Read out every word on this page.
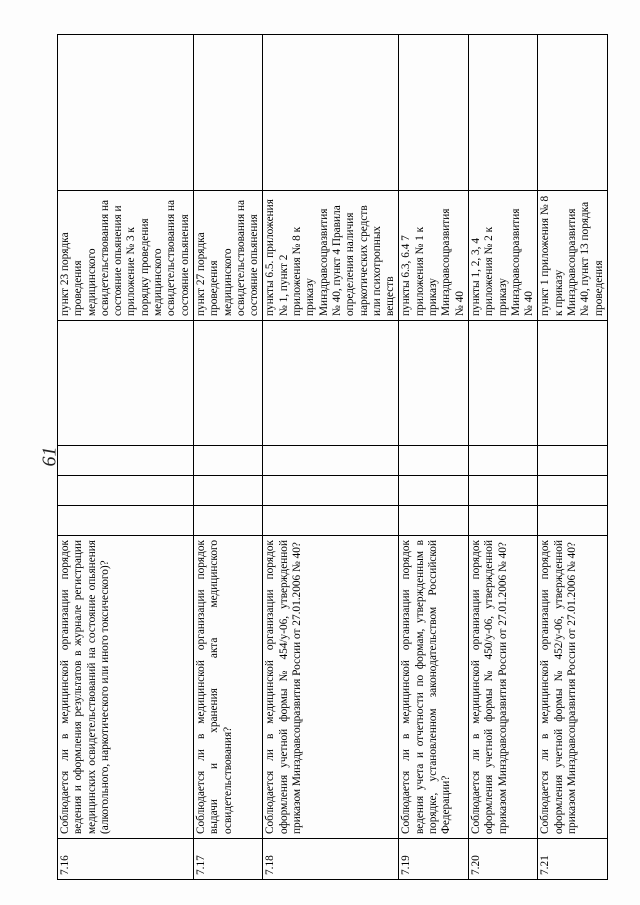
61
7.16	Соблюдается ли в медицинской организации порядок ведения и оформления результатов в журнале регистрации медицинских освидетельствований на состояние опьянения (алкогольного, наркотического или иного токсического)?					пункт 23 порядка проведения медицинского освидетельствования на состояние опьянения и приложение № 3 к порядку проведения медицинского освидетельствования на состояние опьянения	
7.17	Соблюдается ли в медицинской организации порядок выдачи и хранения акта медицинского освидетельствования?					пункт 27 порядка проведения медицинского освидетельствования на состояние опьянения	
7.18	Соблюдается ли в медицинской организации порядок оформления учетной формы № 454/у-06, утвержденной приказом Минздравсоцразвития России от 27.01.2006 № 40?					пункты 6.5. приложения № 1, пункт 2 приложения № 8 к приказу Минздравсоцразвития № 40, пункт 4 Правила определения наличия наркотических средств или психотропных веществ	
7.19	Соблюдается ли в медицинской организации порядок ведения учета и отчетности по формам, утвержденным в порядке, установленном законодательством Российской Федерации?					пункты 6.3, 6.4 7 приложения № 1 к приказу Минздравсоцразвития № 40	
7.20	Соблюдается ли в медицинской организации порядок оформления учетной формы № 450/у-06, утвержденной приказом Минздравсоцразвития России от 27.01.2006 № 40?					пункты 1, 2, 3, 4 приложения № 2 к приказу Минздравсоцразвития № 40	
7.21	Соблюдается ли в медицинской организации порядок оформления учетной формы № 452/у-06, утвержденной приказом Минздравсоцразвития России от 27.01.2006 № 40?					пункт 1 приложения № 8 к приказу Минздравсоцразвития № 40, пункт 13 порядка проведения	
